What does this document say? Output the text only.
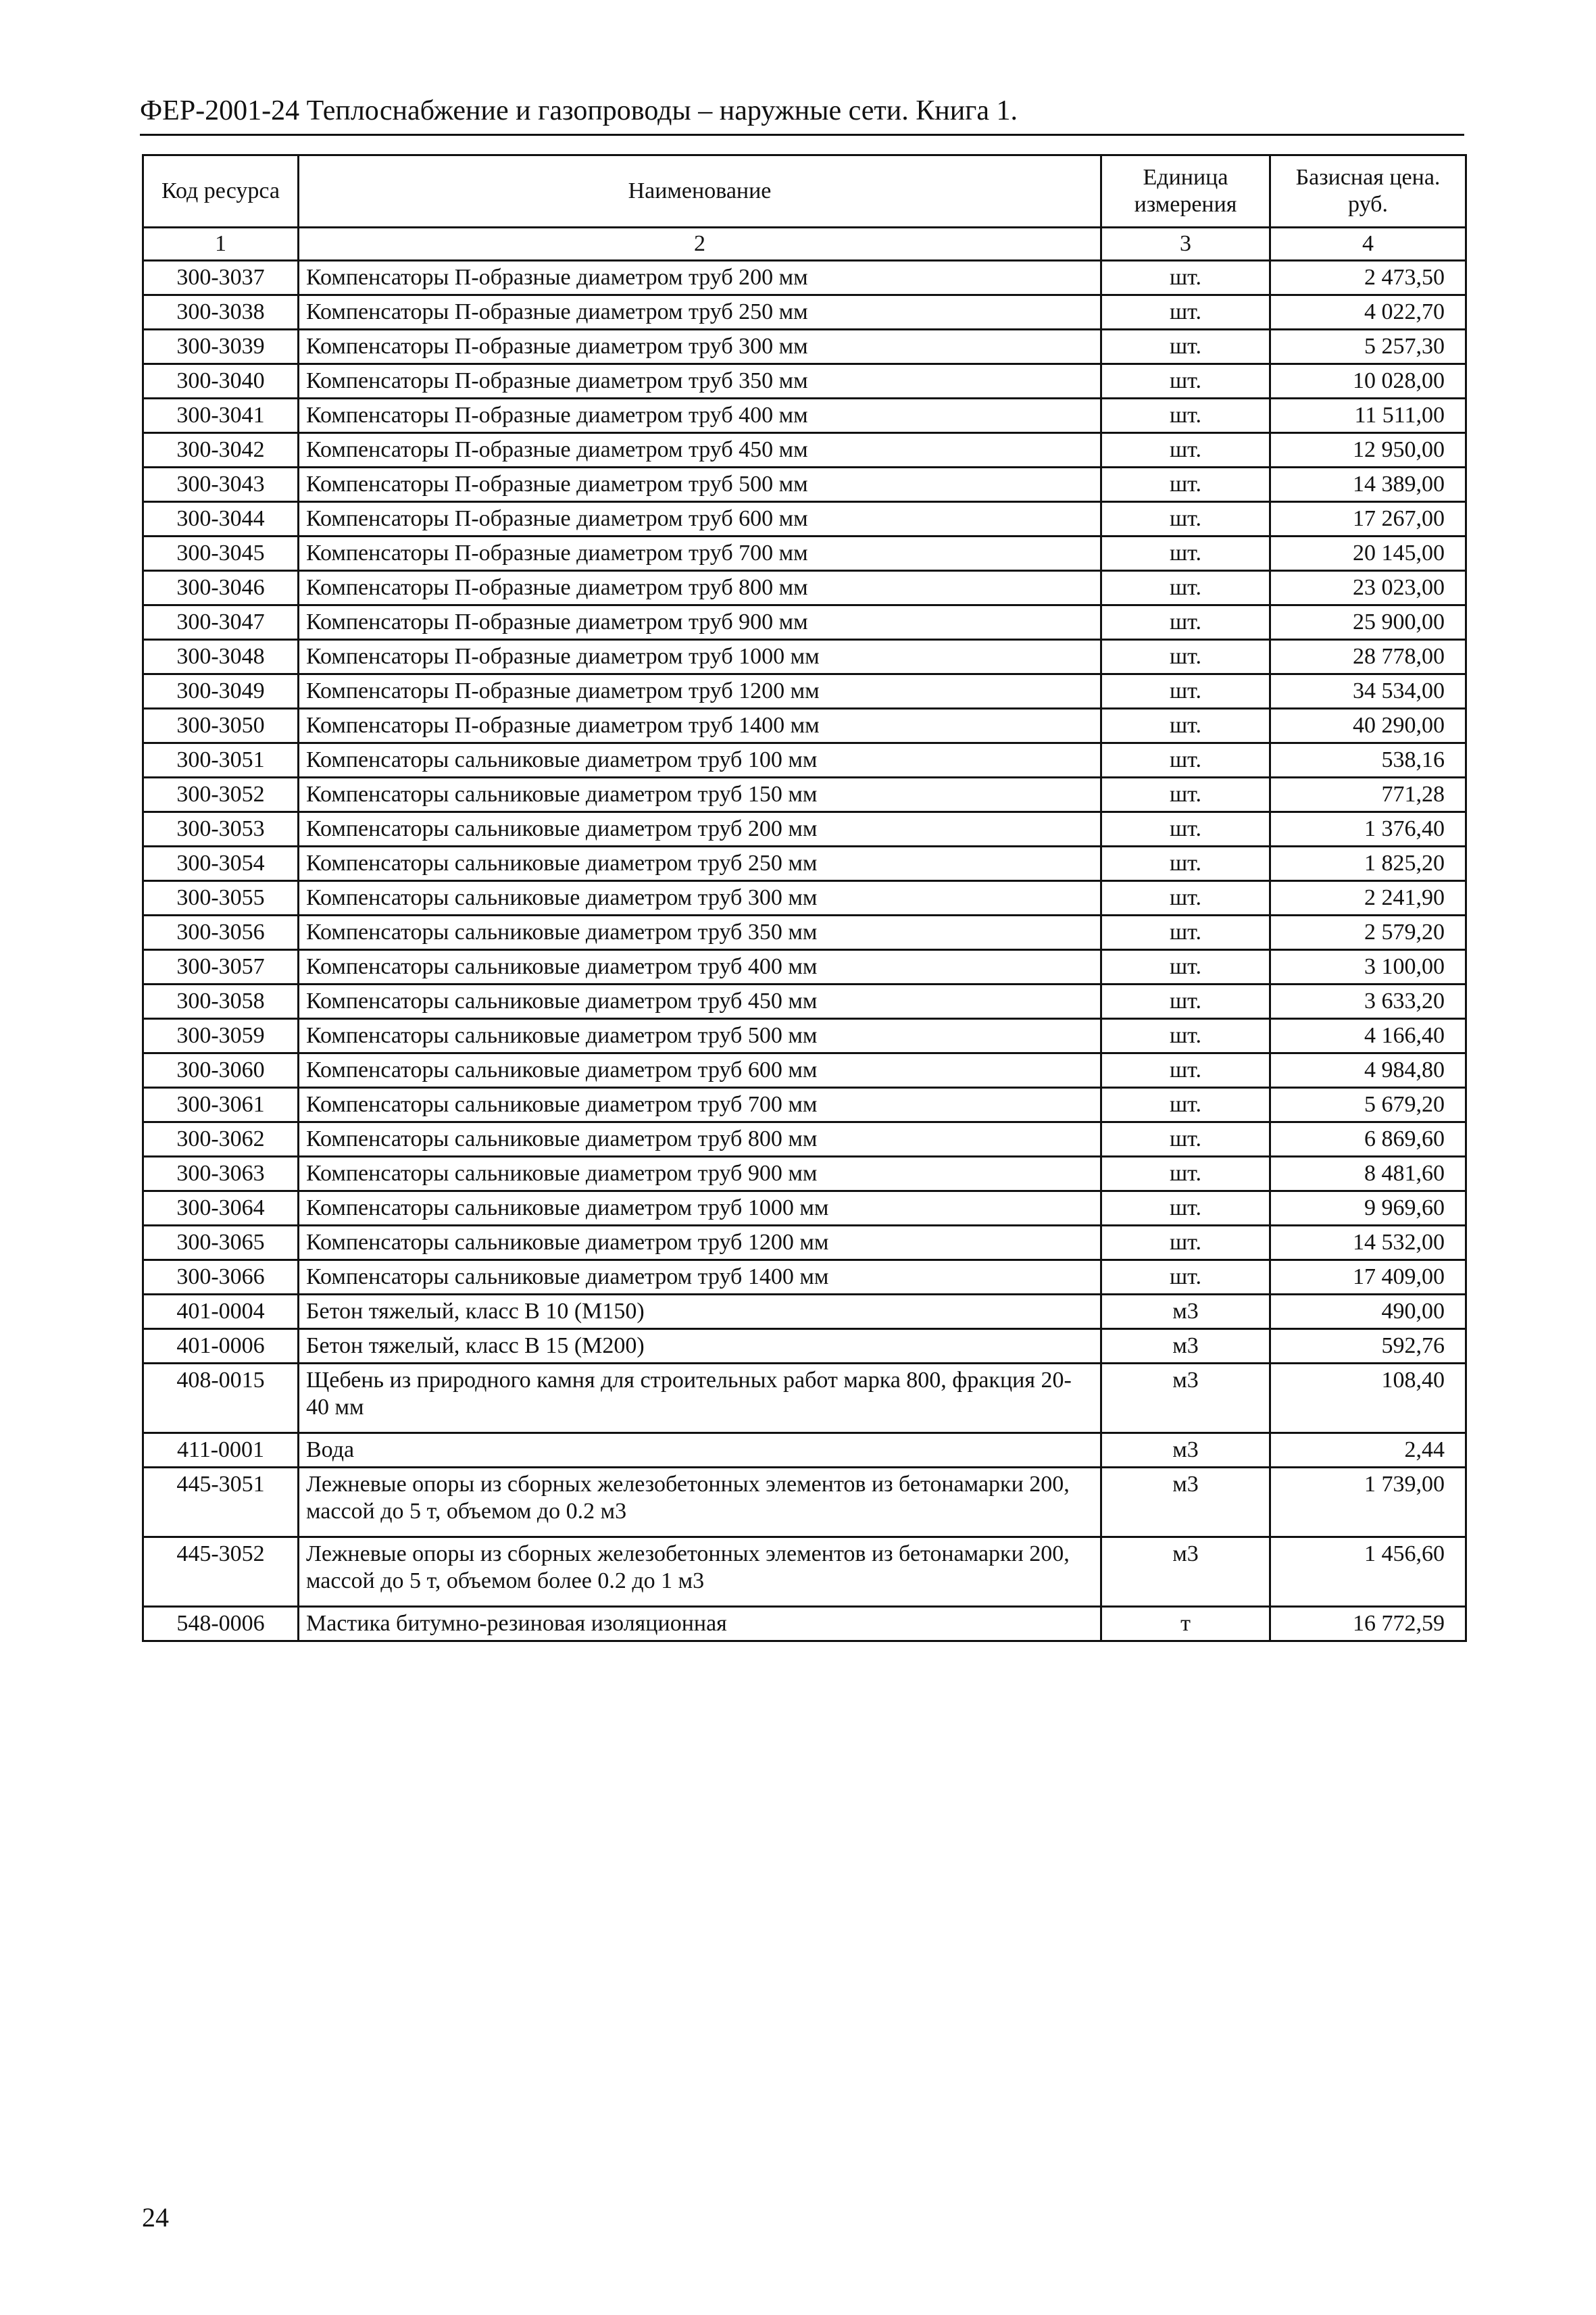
ФЕР-2001-24 Теплоснабжение и газопроводы – наружные сети. Книга 1.
Код ресурса	Наименование	Единица измерения	Базисная цена. руб.
1	2	3	4
300-3037	Компенсаторы П-образные диаметром труб 200 мм	шт.	2 473,50
300-3038	Компенсаторы П-образные диаметром труб 250 мм	шт.	4 022,70
300-3039	Компенсаторы П-образные диаметром труб 300 мм	шт.	5 257,30
300-3040	Компенсаторы П-образные диаметром труб 350 мм	шт.	10 028,00
300-3041	Компенсаторы П-образные диаметром труб 400 мм	шт.	11 511,00
300-3042	Компенсаторы П-образные диаметром труб 450 мм	шт.	12 950,00
300-3043	Компенсаторы П-образные диаметром труб 500 мм	шт.	14 389,00
300-3044	Компенсаторы П-образные диаметром труб 600 мм	шт.	17 267,00
300-3045	Компенсаторы П-образные диаметром труб 700 мм	шт.	20 145,00
300-3046	Компенсаторы П-образные диаметром труб 800 мм	шт.	23 023,00
300-3047	Компенсаторы П-образные диаметром труб 900 мм	шт.	25 900,00
300-3048	Компенсаторы П-образные диаметром труб 1000 мм	шт.	28 778,00
300-3049	Компенсаторы П-образные диаметром труб 1200 мм	шт.	34 534,00
300-3050	Компенсаторы П-образные диаметром труб 1400 мм	шт.	40 290,00
300-3051	Компенсаторы сальниковые диаметром труб 100 мм	шт.	538,16
300-3052	Компенсаторы сальниковые диаметром труб 150 мм	шт.	771,28
300-3053	Компенсаторы сальниковые диаметром труб 200 мм	шт.	1 376,40
300-3054	Компенсаторы сальниковые диаметром труб 250 мм	шт.	1 825,20
300-3055	Компенсаторы сальниковые диаметром труб 300 мм	шт.	2 241,90
300-3056	Компенсаторы сальниковые диаметром труб 350 мм	шт.	2 579,20
300-3057	Компенсаторы сальниковые диаметром труб 400 мм	шт.	3 100,00
300-3058	Компенсаторы сальниковые диаметром труб 450 мм	шт.	3 633,20
300-3059	Компенсаторы сальниковые диаметром труб 500 мм	шт.	4 166,40
300-3060	Компенсаторы сальниковые диаметром труб 600 мм	шт.	4 984,80
300-3061	Компенсаторы сальниковые диаметром труб 700 мм	шт.	5 679,20
300-3062	Компенсаторы сальниковые диаметром труб 800 мм	шт.	6 869,60
300-3063	Компенсаторы сальниковые диаметром труб 900 мм	шт.	8 481,60
300-3064	Компенсаторы сальниковые диаметром труб 1000 мм	шт.	9 969,60
300-3065	Компенсаторы сальниковые диаметром труб 1200 мм	шт.	14 532,00
300-3066	Компенсаторы сальниковые диаметром труб 1400 мм	шт.	17 409,00
401-0004	Бетон тяжелый, класс В 10 (М150)	м3	490,00
401-0006	Бетон тяжелый, класс В 15 (М200)	м3	592,76
408-0015	Щебень из природного камня для строительных работ марка 800, фракция 20-40 мм	м3	108,40
411-0001	Вода	м3	2,44
445-3051	Лежневые опоры из сборных железобетонных элементов из бетонамарки 200, массой до 5 т, объемом до 0.2 м3	м3	1 739,00
445-3052	Лежневые опоры из сборных железобетонных элементов из бетонамарки 200, массой до 5 т, объемом более 0.2 до 1 м3	м3	1 456,60
548-0006	Мастика битумно-резиновая изоляционная	т	16 772,59
24
